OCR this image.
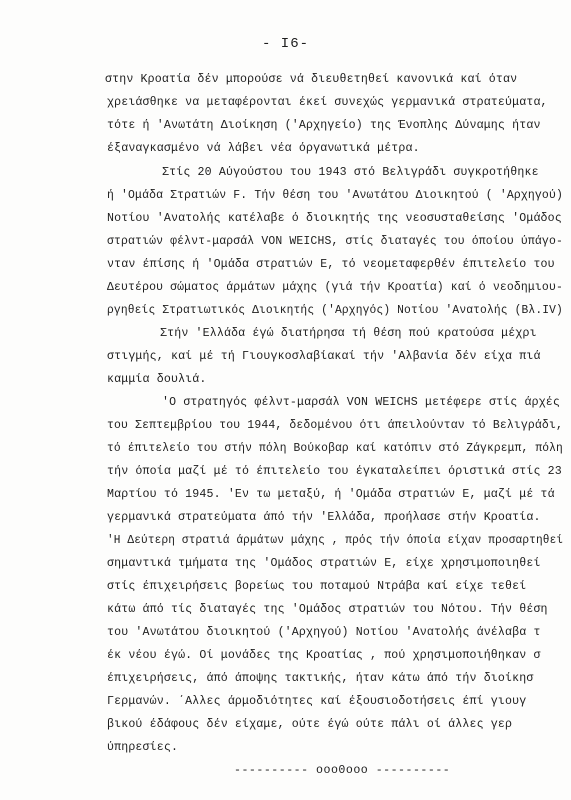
- I6-
στην Κροατία δέν μπορούσε νά διευθετηθεί κανονικά καί όταν
χρειάσθηκε να μεταφέρονται έκεί συνεχώς γερμανικά στρατεύματα,
τότε ή 'Ανωτάτη Διοίκηση ('Αρχηγείο) της Ένοπλης Δύναμης ήταν
έξαναγκασμένο νά λάβει νέα όργανωτικά μέτρα.
Στίς 20 Αύγούστου του 1943 στό Βελιγράδι συγκροτήθηκε
ή 'Ομάδα Στρατιών F. Τήν θέση του 'Ανωτάτου Διοικητού ( 'Αρχηγού)
Νοτίου 'Ανατολής κατέλαβε ό διοικητής της νεοσυσταθείσης 'Ομάδος
στρατιών φέλντ-μαρσάλ VON WEICHS, στίς διαταγές του όποίου ύπάγο-
νταν έπίσης ή 'Ομάδα στρατιών Ε, τό νεομεταφερθέν έπιτελείο του
Δευτέρου σώματος άρμάτων μάχης (γιά τήν Κροατία) καί ό νεοδημιου-
ργηθείς Στρατιωτικός Διοικητής ('Αρχηγός) Νοτίου 'Ανατολής (Βλ.IV)
Στήν 'Ελλάδα έγώ διατήρησα τή θέση πού κρατούσα μέχρι
στιγμής, καί μέ τή Γιουγκοσλαβίακαί τήν 'Αλβανία δέν είχα πιά
καμμία δουλιά.
'Ο στρατηγός φέλντ-μαρσάλ VON WEICHS μετέφερε στίς άρχές
του Σεπτεμβρίου του 1944, δεδομένου ότι άπειλούνταν τό Βελιγράδι,
τό έπιτελείο του στήν πόλη Βούκοβαρ καί κατόπιν στό Ζάγκρεμπ, πόλη
τήν όποία μαζί μέ τό έπιτελείο του έγκαταλείπει όριστικά στίς 23
Μαρτίου τό 1945. 'Εν τω μεταξύ, ή 'Ομάδα στρατιών Ε, μαζί μέ τά
γερμανικά στρατεύματα άπό τήν 'Ελλάδα, προήλασε στήν Κροατία.
'Η Δεύτερη στρατιά άρμάτων μάχης , πρός τήν όποία είχαν προσαρτηθεί
σημαντικά τμήματα της 'Ομάδος στρατιών Ε, είχε χρησιμοποιηθεί
στίς έπιχειρήσεις βορείως του ποταμού Ντράβα καί είχε τεθεί
κάτω άπό τίς διαταγές της 'Ομάδος στρατιών του Νότου. Τήν θέση
του 'Ανωτάτου διοικητού ('Αρχηγού) Νοτίου 'Ανατολής άνέλαβα τ
έκ νέου έγώ. Οί μονάδες της Κροατίας , πού χρησιμοποιήθηκαν σ
έπιχειρήσεις, άπό άποψης τακτικής, ήταν κάτω άπό τήν διοίκησ
Γερμανών. ΄Αλλες άρμοδιότητες καί έξουσιοδοτήσεις έπί γιουγ
βικού έδάφους δέν είχαμε, ούτε έγώ ούτε πάλι οί άλλες γερ
ύπηρεσίες.
---------- ooo0ooo ----------
